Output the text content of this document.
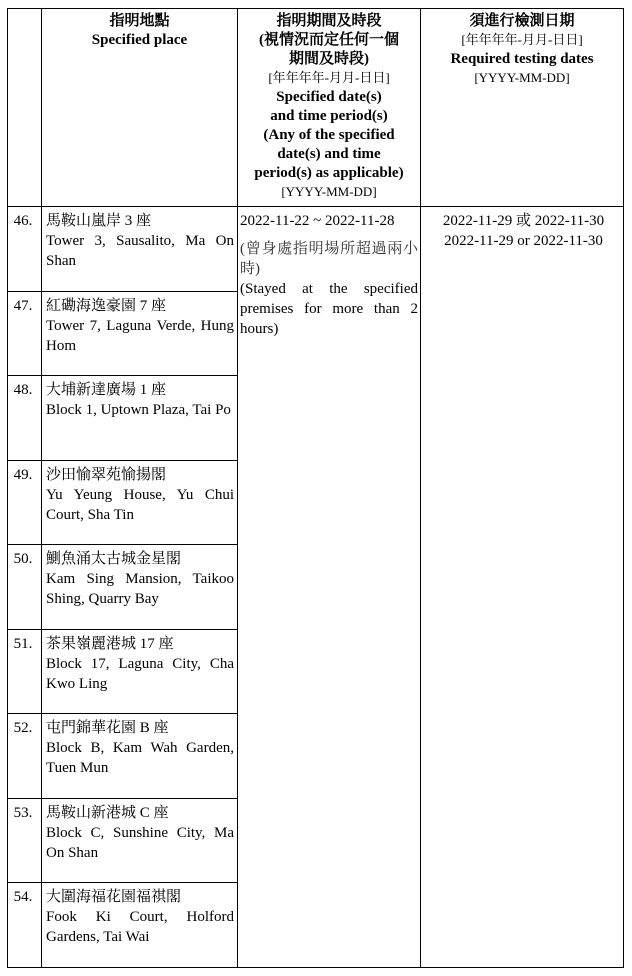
指明地點
Specified place
指明期間及時段
(視情況而定任何一個
期間及時段)
[年年年年-月月-日日]
Specified date(s)
and time period(s)
(Any of the specified
date(s) and time
period(s) as applicable)
[YYYY-MM-DD]
須進行檢測日期
[年年年年-月月-日日]
Required testing dates
[YYYY-MM-DD]
46. 馬鞍山嵐岸 3 座
Tower 3, Sausalito, Ma On Shan
47. 紅磡海逸豪園 7 座
Tower 7, Laguna Verde, Hung Hom
48. 大埔新達廣場 1 座
Block 1, Uptown Plaza, Tai Po
49. 沙田愉翠苑愉揚閣
Yu Yeung House, Yu Chui Court, Sha Tin
50. 鰂魚涌太古城金星閣
Kam Sing Mansion, Taikoo Shing, Quarry Bay
51. 茶果嶺麗港城 17 座
Block 17, Laguna City, Cha Kwo Ling
52. 屯門錦華花園 B 座
Block B, Kam Wah Garden, Tuen Mun
53. 馬鞍山新港城 C 座
Block C, Sunshine City, Ma On Shan
54. 大圍海福花園福祺閣
Fook Ki Court, Holford Gardens, Tai Wai
2022-11-22 ~ 2022-11-28
(曾身處指明場所超過兩小時)
(Stayed at the specified premises for more than 2 hours)
2022-11-29 或 2022-11-30
2022-11-29 or 2022-11-30
